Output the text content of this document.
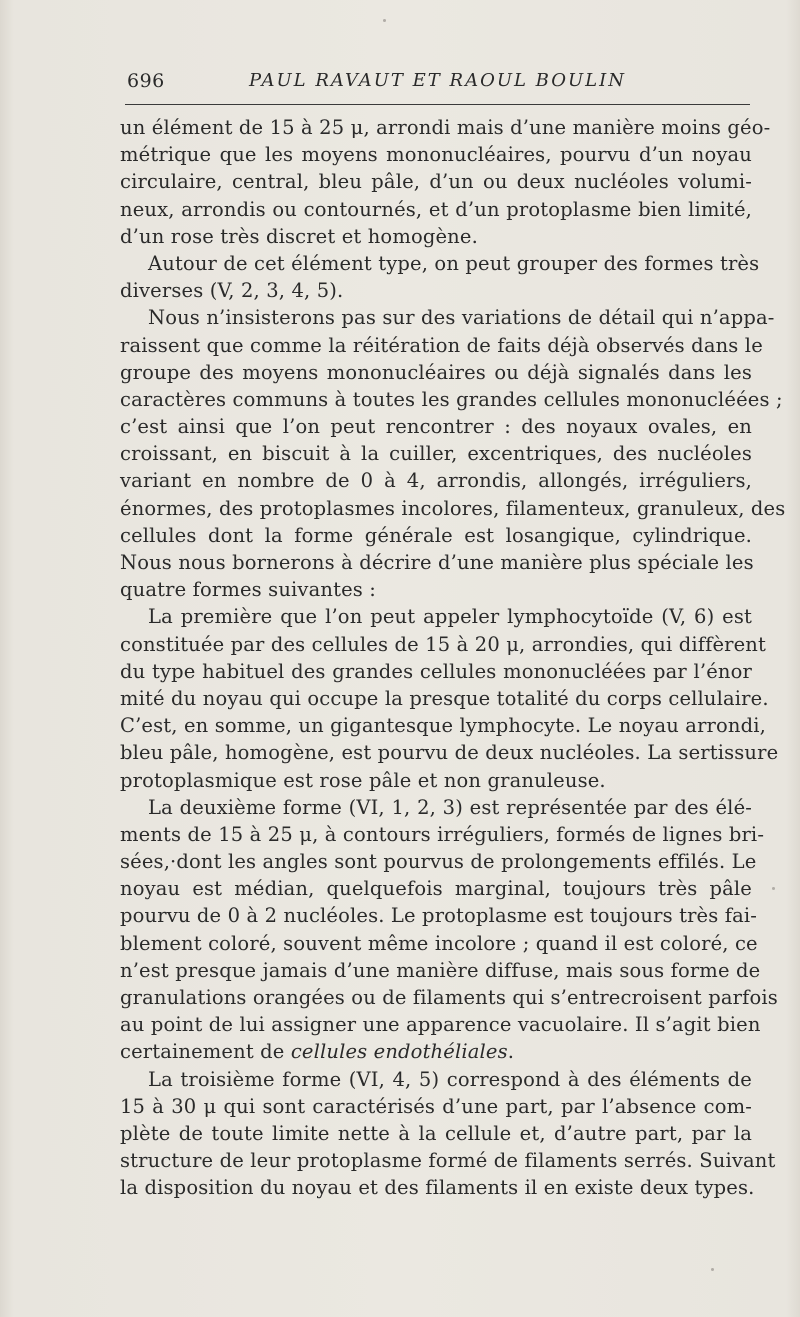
696	PAUL RAVAUT ET RAOUL BOULIN
un élément de 15 à 25 μ, arrondi mais d’une manière moins géo-
métrique que les moyens mononucléaires, pourvu d’un noyau
circulaire, central, bleu pâle, d’un ou deux nucléoles volumi-
neux, arrondis ou contournés, et d’un protoplasme bien limité,
d’un rose très discret et homogène.
Autour de cet élément type, on peut grouper des formes très
diverses (V, 2, 3, 4, 5).
Nous n’insisterons pas sur des variations de détail qui n’appa-
raissent que comme la réitération de faits déjà observés dans le
groupe des moyens mononucléaires ou déjà signalés dans les
caractères communs à toutes les grandes cellules mononucléées ;
c’est ainsi que l’on peut rencontrer : des noyaux ovales, en
croissant, en biscuit à la cuiller, excentriques, des nucléoles
variant en nombre de 0 à 4, arrondis, allongés, irréguliers,
énormes, des protoplasmes incolores, filamenteux, granuleux, des
cellules dont la forme générale est losangique, cylindrique.
Nous nous bornerons à décrire d’une manière plus spéciale les
quatre formes suivantes :
La première que l’on peut appeler lymphocytoïde (V, 6) est
constituée par des cellules de 15 à 20 μ, arrondies, qui diffèrent
du type habituel des grandes cellules mononucléées par l’énor
mité du noyau qui occupe la presque totalité du corps cellulaire.
C’est, en somme, un gigantesque lymphocyte. Le noyau arrondi,
bleu pâle, homogène, est pourvu de deux nucléoles. La sertissure
protoplasmique est rose pâle et non granuleuse.
La deuxième forme (VI, 1, 2, 3) est représentée par des élé-
ments de 15 à 25 μ, à contours irréguliers, formés de lignes bri-
sées,·dont les angles sont pourvus de prolongements effilés. Le
noyau est médian, quelquefois marginal, toujours très pâle
pourvu de 0 à 2 nucléoles. Le protoplasme est toujours très fai-
blement coloré, souvent même incolore ; quand il est coloré, ce
n’est presque jamais d’une manière diffuse, mais sous forme de
granulations orangées ou de filaments qui s’entrecroisent parfois
au point de lui assigner une apparence vacuolaire. Il s’agit bien
certainement de cellules endothéliales.
La troisième forme (VI, 4, 5) correspond à des éléments de
15 à 30 μ qui sont caractérisés d’une part, par l’absence com-
plète de toute limite nette à la cellule et, d’autre part, par la
structure de leur protoplasme formé de filaments serrés. Suivant
la disposition du noyau et des filaments il en existe deux types.
